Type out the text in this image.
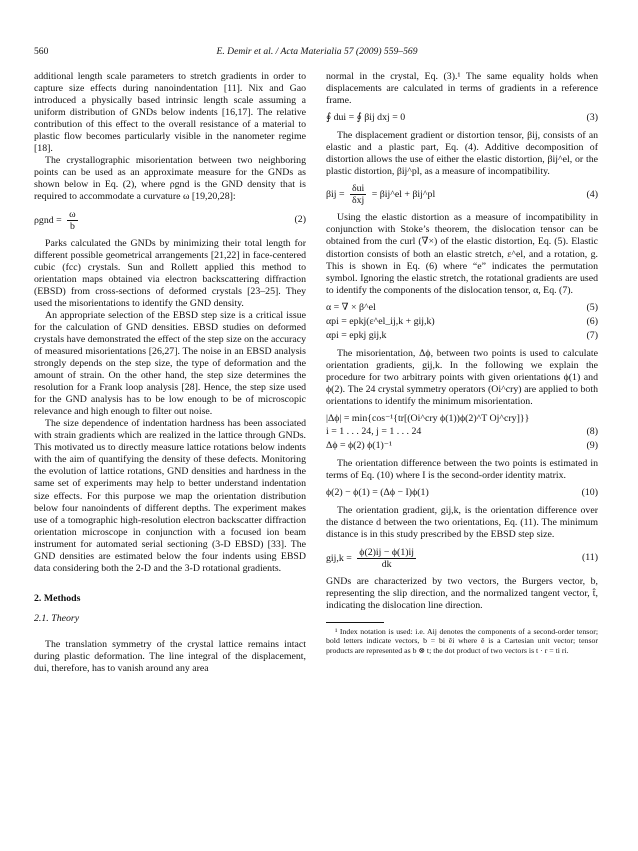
560	E. Demir et al. / Acta Materialia 57 (2009) 559–569

additional length scale parameters to stretch gradients in order to capture size effects during nanoindentation [11]. Nix and Gao introduced a physically based intrinsic length scale assuming a uniform distribution of GNDs below indents [16,17]. The relative contribution of this effect to the overall resistance of a material to plastic flow becomes particularly visible in the nanometer regime [18].

The crystallographic misorientation between two neighboring points can be used as an approximate measure for the GNDs as shown below in Eq. (2), where ρgnd is the GND density that is required to accommodate a curvature ω [19,20,28]:

$\rho gnd = \frac{\omega}{b}$	(2)

Parks calculated the GNDs by minimizing their total length for different possible geometrical arrangements [21,22] in face-centered cubic (fcc) crystals. Sun and Rollett applied this method to orientation maps obtained via electron backscattering diffraction (EBSD) from cross-sections of deformed crystals [23–25]. They used the misorientations to identify the GND density.

An appropriate selection of the EBSD step size is a critical issue for the calculation of GND densities. EBSD studies on deformed crystals have demonstrated the effect of the step size on the accuracy of measured misorientations [26,27]. The noise in an EBSD analysis strongly depends on the step size, the type of deformation and the amount of strain. On the other hand, the step size determines the resolution for a Frank loop analysis [28]. Hence, the step size used for the GND analysis has to be low enough to be of microscopic relevance and high enough to filter out noise.

The size dependence of indentation hardness has been associated with strain gradients which are realized in the lattice through GNDs. This motivated us to directly measure lattice rotations below indents with the aim of quantifying the density of these defects. Monitoring the evolution of lattice rotations, GND densities and hardness in the same set of experiments may help to better understand indentation size effects. For this purpose we map the orientation distribution below four nanoindents of different depths. The experiment makes use of a tomographic high-resolution electron backscatter diffraction orientation microscope in conjunction with a focused ion beam instrument for automated serial sectioning (3-D EBSD) [33]. The GND densities are estimated below the four indents using EBSD data considering both the 2-D and the 3-D rotational gradients.

2. Methods
2.1. Theory

The translation symmetry of the crystal lattice remains intact during plastic deformation. The line integral of the displacement, dui, therefore, has to vanish around any area

normal in the crystal, Eq. (3).¹ The same equality holds when displacements are calculated in terms of gradients in a reference frame.

∮ dui = ∮ βij dxj = 0	(3)

The displacement gradient or distortion tensor, βij, consists of an elastic and a plastic part, Eq. (4). Additive decomposition of distortion allows the use of either the elastic distortion, βij^el, or the plastic distortion, βij^pl, as a measure of incompatibility.

$\beta ij = \frac{\text{δui}}{\text{δxj}}$ = βij^el + βij^pl	(4)

Using the elastic distortion as a measure of incompatibility in conjunction with Stoke’s theorem, the dislocation tensor can be obtained from the curl (∇×) of the elastic distortion, Eq. (5). Elastic distortion consists of both an elastic stretch, ε^el, and a rotation, g. This is shown in Eq. (6) where “e” indicates the permutation symbol. Ignoring the elastic stretch, the rotational gradients are used to identify the components of the dislocation tensor, α, Eq. (7).

α = ∇ × β^el	(5)
αpi = epkj(ε^el_ij,k + gij,k)	(6)
αpi = epkj gij,k	(7)

The misorientation, Δϕ, between two points is used to calculate orientation gradients, gij,k. In the following we explain the procedure for two arbitrary points with given orientations ϕ(1) and ϕ(2). The 24 crystal symmetry operators (Oi^cry) are applied to both orientations to identify the minimum misorientation.

|Δϕ| = min{cos⁻¹{tr[(Oi^cry ϕ(1))ϕ(2)^T Oj^cry]}}
i = 1 . . . 24, j = 1 . . . 24	(8)
Δϕ = ϕ(2) ϕ(1)⁻¹	(9)

The orientation difference between the two points is estimated in terms of Eq. (10) where I is the second-order identity matrix.

ϕ(2) − ϕ(1) = (Δϕ − I)ϕ(1)	(10)

The orientation gradient, gij,k, is the orientation difference over the distance d between the two orientations, Eq. (11). The minimum distance is in this study prescribed by the EBSD step size.

$gij,k = \frac{\phi(2)ij - \phi(1)ij}{dk}$	(11)

GNDs are characterized by two vectors, the Burgers vector, b, representing the slip direction, and the normalized tangent vector, t̂, indicating the dislocation line direction.

¹ Index notation is used: i.e. Aij denotes the components of a second-order tensor; bold letters indicate vectors, b = bi êi where ê is a Cartesian unit vector; tensor products are represented as b ⊗ t; the dot product of two vectors is t · r = ti ri.
